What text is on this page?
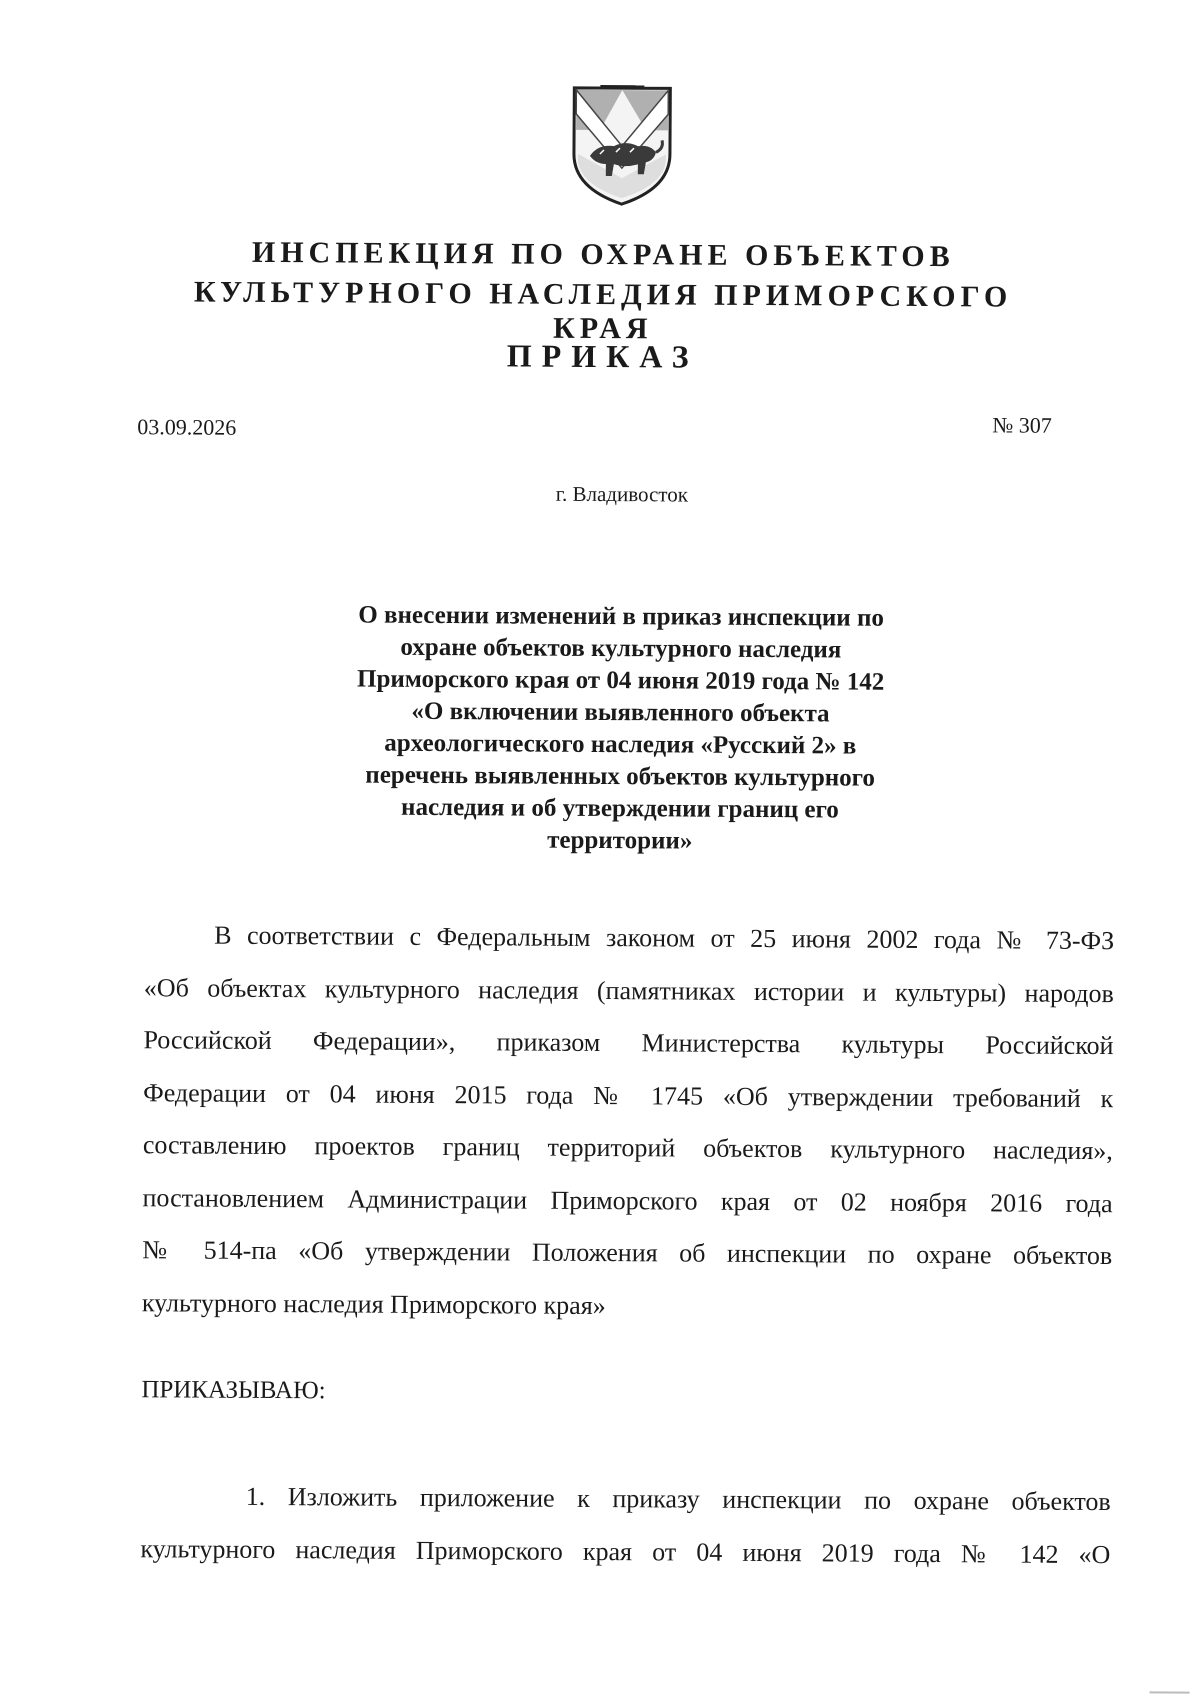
ИНСПЕКЦИЯ ПО ОХРАНЕ ОБЪЕКТОВ
КУЛЬТУРНОГО НАСЛЕДИЯ ПРИМОРСКОГО КРАЯ
ПРИКАЗ
03.09.2026	№ 307
г. Владивосток
О внесении изменений в приказ инспекции по
охране объектов культурного наследия
Приморского края от 04 июня 2019 года № 142
«О включении выявленного объекта
археологического наследия «Русский 2» в
перечень выявленных объектов культурного
наследия и об утверждении границ его
территории»
В соответствии с Федеральным законом от 25 июня 2002 года № 73-ФЗ
«Об объектах культурного наследия (памятниках истории и культуры) народов
Российской Федерации», приказом Министерства культуры Российской
Федерации от 04 июня 2015 года № 1745 «Об утверждении требований к
составлению проектов границ территорий объектов культурного наследия»,
постановлением Администрации Приморского края от 02 ноября 2016 года
№ 514-па «Об утверждении Положения об инспекции по охране объектов
культурного наследия Приморского края»
ПРИКАЗЫВАЮ:
1. Изложить приложение к приказу инспекции по охране объектов
культурного наследия Приморского края от 04 июня 2019 года № 142 «О
